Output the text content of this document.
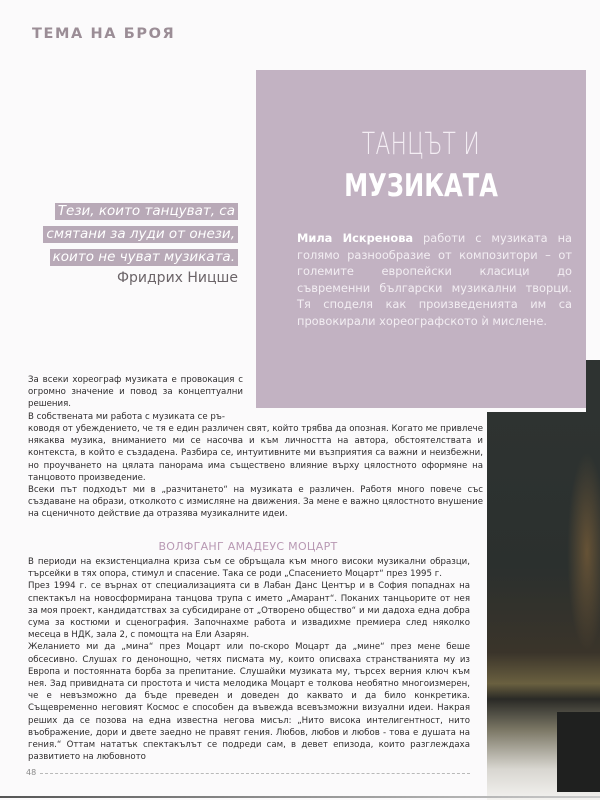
ТЕМА НА БРОЯ
ТАНЦЪТ И
МУЗИКАТА
Мила Искренова работи с музиката на голямо разнообразие от композитори – от големите европейски класици до съвременни български музикални творци. Тя споделя как произведенията им са провокирали хореографското ѝ мислене.
Тези, които танцуват, са
смятани за луди от онези,
които не чуват музиката.
Фридрих Ницше

За всеки хореограф музиката е провокация с огромно значение и повод за концептуални решения.

В собствената ми работа с музиката се ръ-

ководя от убеждението, че тя е един различен свят, който трябва да опозная. Когато ме привлече някаква музика, вниманието ми се насочва и към личността на автора, обстоятелствата и контекста, в който е създадена. Разбира се, интуитивните ми възприятия са важни и неизбежни, но проучването на цялата панорама има съществено влияние върху цялостното оформяне на танцовото произведение.

Всеки път подходът ми в „разчитането“ на музиката е различен. Работя много повече със създаване на образи, отколкото с измисляне на движения. За мене е важно цялостното внушение на сценичното действие да отразява музикалните идеи.

ВОЛФГАНГ АМАДЕУС МОЦАРТ

В периоди на екзистенциална криза съм се обръщала към много високи музикални образци, търсейки в тях опора, стимул и спасение. Така се роди „Спасението Моцарт“ през 1995 г.

През 1994 г. се върнах от специализацията си в Лабан Данс Център и в София попаднах на спектакъл на новосформирана танцова трупа с името „Амарант“. Поканих танцьорите от нея за моя проект, кандидатствах за субсидиране от „Отворено общество“ и ми дадоха една добра сума за костюми и сценография. Започнахме работа и извадихме премиера след няколко месеца в НДК, зала 2, с помощта на Ели Азарян.

Желанието ми да „мина“ през Моцарт или по-скоро Моцарт да „мине“ през мене беше обсесивно. Слушах го денонощно, четях писмата му, които описваха странстванията му из Европа и постоянната борба за препитание. Слушайки музиката му, търсех верния ключ към нея. Зад привидната си простота и чиста мелодика Моцарт е толкова необятно многоизмерен, че е невъзможно да бъде преведен и доведен до каквато и да било конкретика. Същевременно неговият Космос е способен да въвежда всевъзможни визуални идеи. Накрая реших да се позова на една известна негова мисъл: „Нито висока интелигентност, нито въображение, дори и двете заедно не правят гения. Любов, любов и любов - това е душата на гения.“ Оттам нататък спектакълът се подреди сам, в девет епизода, които разглеждаха развитието на любовното

48
